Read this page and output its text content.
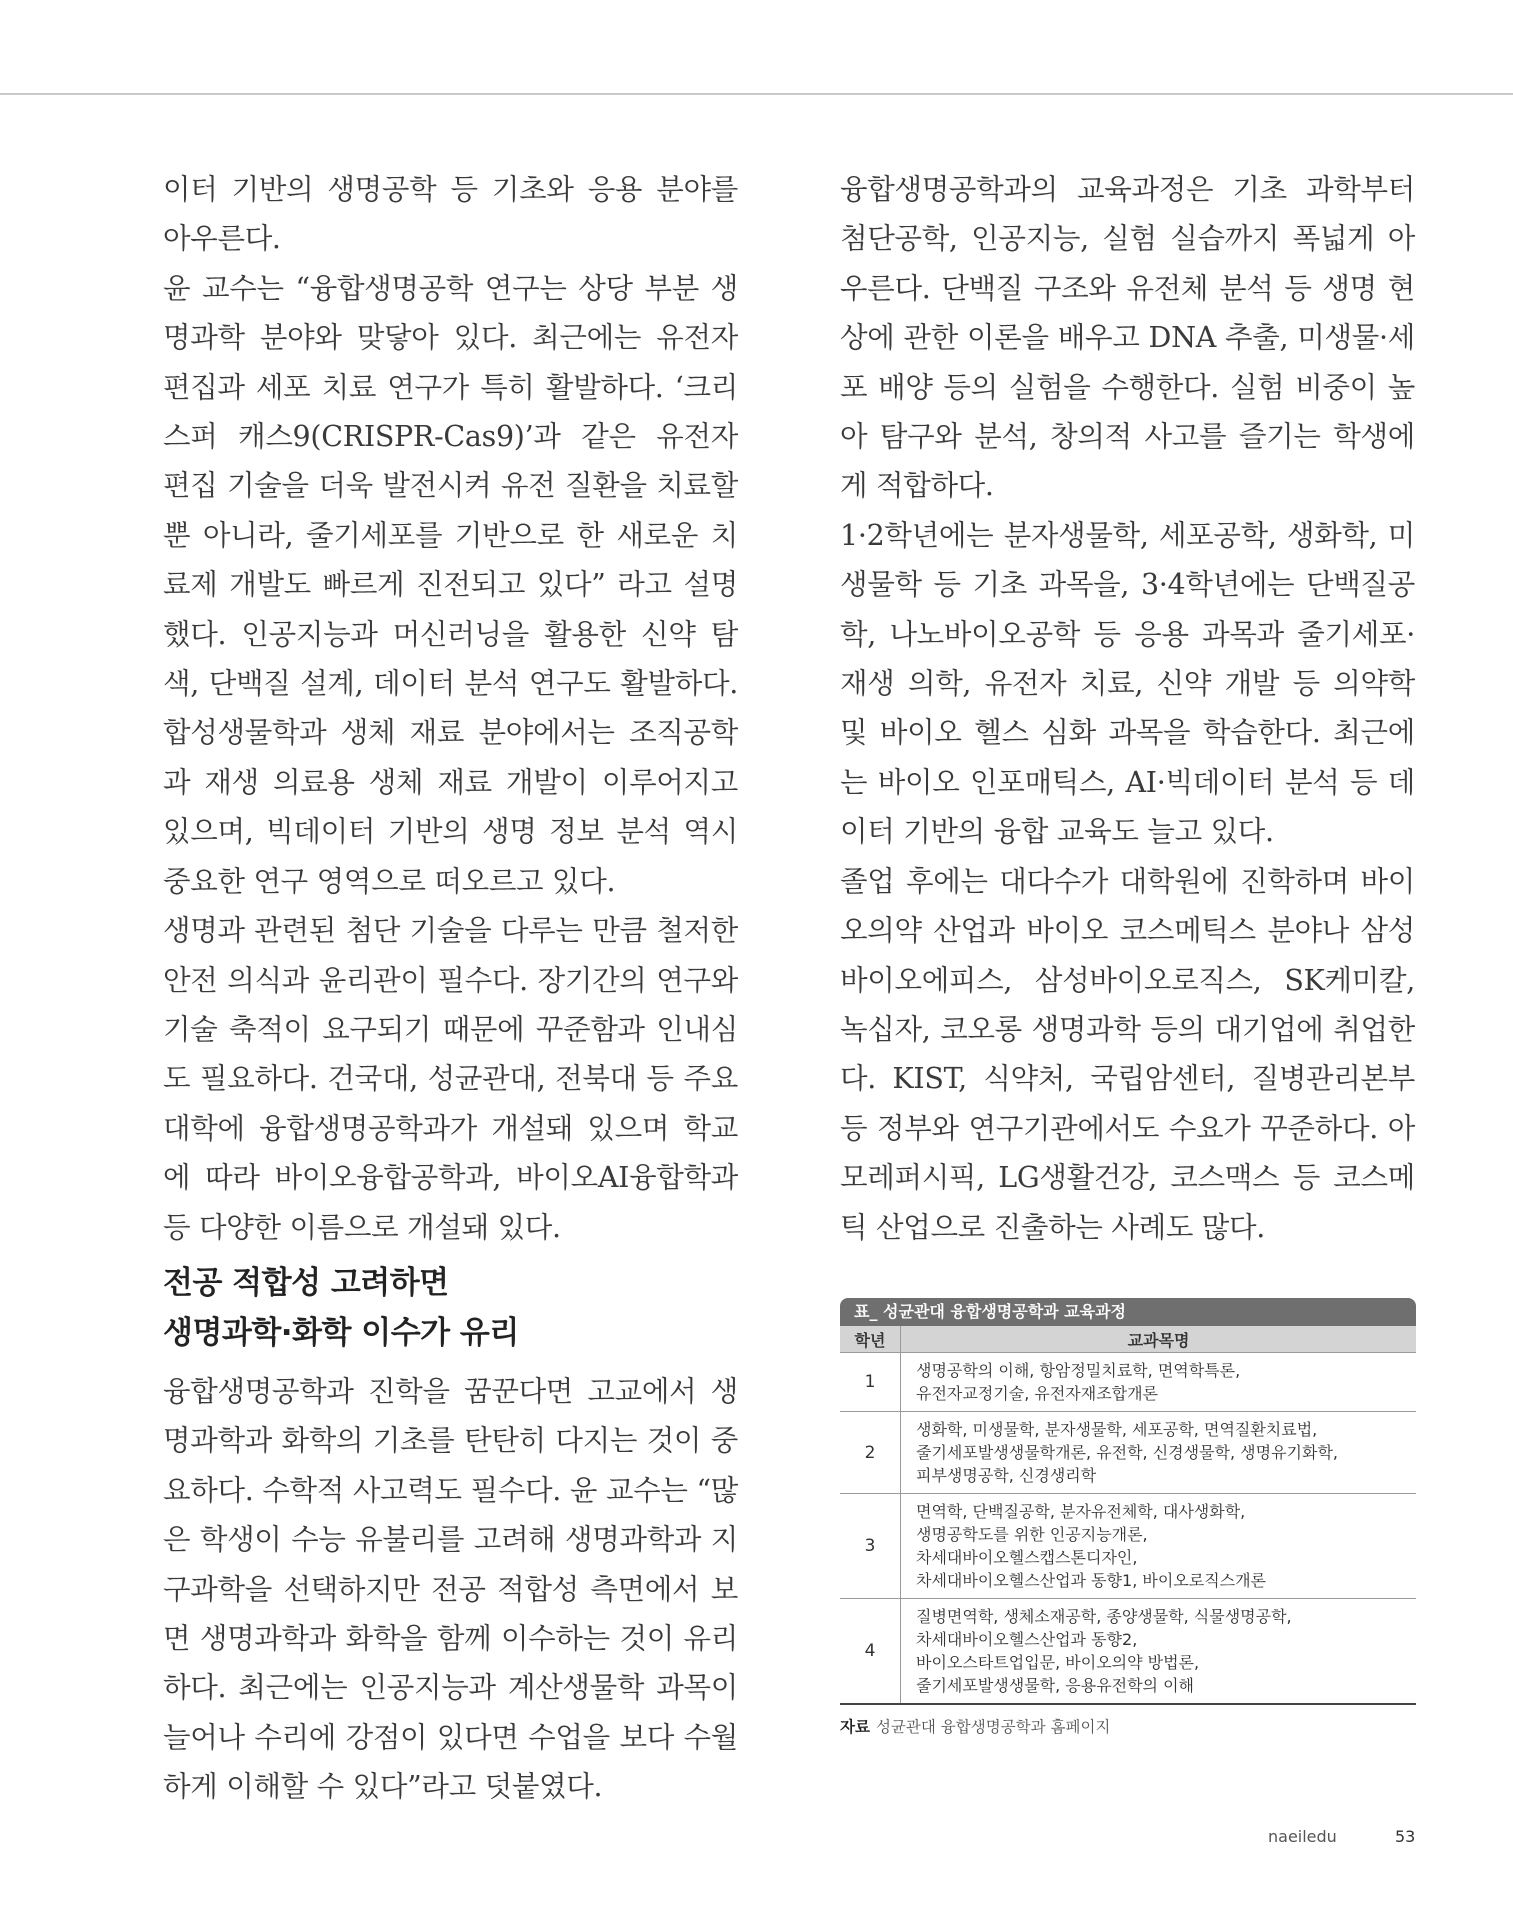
이터 기반의 생명공학 등 기초와 응용 분야를 아우른다.

윤 교수는 “융합생명공학 연구는 상당 부분 생명과학 분야와 맞닿아 있다. 최근에는 유전자 편집과 세포 치료 연구가 특히 활발하다. ‘크리스퍼 캐스9(CRISPR-Cas9)’과 같은 유전자 편집 기술을 더욱 발전시켜 유전 질환을 치료할 뿐 아니라, 줄기세포를 기반으로 한 새로운 치료제 개발도 빠르게 진전되고 있다” 라고 설명했다. 인공지능과 머신러닝을 활용한 신약 탐색, 단백질 설계, 데이터 분석 연구도 활발하다. 합성생물학과 생체 재료 분야에서는 조직공학과 재생 의료용 생체 재료 개발이 이루어지고 있으며, 빅데이터 기반의 생명 정보 분석 역시 중요한 연구 영역으로 떠오르고 있다.

생명과 관련된 첨단 기술을 다루는 만큼 철저한 안전 의식과 윤리관이 필수다. 장기간의 연구와 기술 축적이 요구되기 때문에 꾸준함과 인내심도 필요하다. 건국대, 성균관대, 전북대 등 주요 대학에 융합생명공학과가 개설돼 있으며 학교에 따라 바이오융합공학과, 바이오AI융합학과 등 다양한 이름으로 개설돼 있다.

전공 적합성 고려하면
생명과학·화학 이수가 유리

융합생명공학과 진학을 꿈꾼다면 고교에서 생명과학과 화학의 기초를 탄탄히 다지는 것이 중요하다. 수학적 사고력도 필수다. 윤 교수는 “많은 학생이 수능 유불리를 고려해 생명과학과 지구과학을 선택하지만 전공 적합성 측면에서 보면 생명과학과 화학을 함께 이수하는 것이 유리하다. 최근에는 인공지능과 계산생물학 과목이 늘어나 수리에 강점이 있다면 수업을 보다 수월하게 이해할 수 있다”라고 덧붙였다.

융합생명공학과의 교육과정은 기초 과학부터 첨단공학, 인공지능, 실험 실습까지 폭넓게 아우른다. 단백질 구조와 유전체 분석 등 생명 현상에 관한 이론을 배우고 DNA 추출, 미생물·세포 배양 등의 실험을 수행한다. 실험 비중이 높아 탐구와 분석, 창의적 사고를 즐기는 학생에게 적합하다.

1·2학년에는 분자생물학, 세포공학, 생화학, 미생물학 등 기초 과목을, 3·4학년에는 단백질공학, 나노바이오공학 등 응용 과목과 줄기세포·재생 의학, 유전자 치료, 신약 개발 등 의약학 및 바이오 헬스 심화 과목을 학습한다. 최근에는 바이오 인포매틱스, AI·빅데이터 분석 등 데이터 기반의 융합 교육도 늘고 있다.

졸업 후에는 대다수가 대학원에 진학하며 바이오의약 산업과 바이오 코스메틱스 분야나 삼성바이오에피스, 삼성바이오로직스, SK케미칼, 녹십자, 코오롱 생명과학 등의 대기업에 취업한다. KIST, 식약처, 국립암센터, 질병관리본부 등 정부와 연구기관에서도 수요가 꾸준하다. 아모레퍼시픽, LG생활건강, 코스맥스 등 코스메틱 산업으로 진출하는 사례도 많다.

표_ 성균관대 융합생명공학과 교육과정
학년	교과목명
1	생명공학의 이해, 항암정밀치료학, 면역학특론,
유전자교정기술, 유전자재조합개론

2	생화학, 미생물학, 분자생물학, 세포공학, 면역질환치료법,
줄기세포발생생물학개론, 유전학, 신경생물학, 생명유기화학,
피부생명공학, 신경생리학

3	면역학, 단백질공학, 분자유전체학, 대사생화학,
생명공학도를 위한 인공지능개론,
차세대바이오헬스캡스톤디자인,
차세대바이오헬스산업과 동향1, 바이오로직스개론

4	질병면역학, 생체소재공학, 종양생물학, 식물생명공학,
차세대바이오헬스산업과 동향2,
바이오스타트업입문, 바이오의약 방법론,
줄기세포발생생물학, 응용유전학의 이해
자료 성균관대 융합생명공학과 홈페이지
naeiledu	53
